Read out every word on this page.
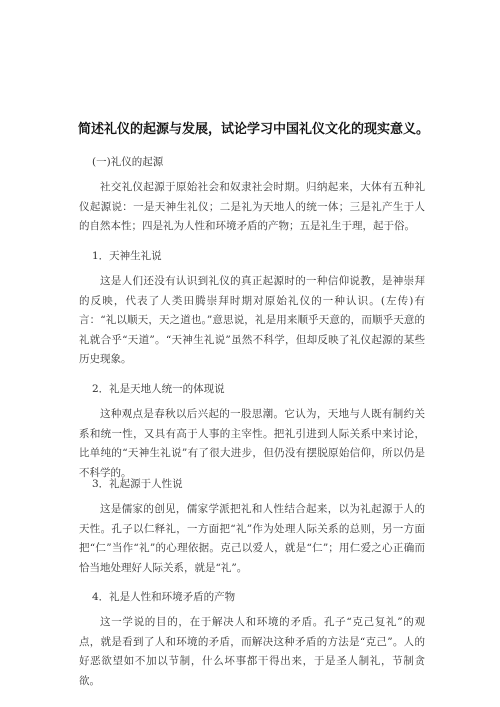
简述礼仪的起源与发展，试论学习中国礼仪文化的现实意义。
(一)礼仪的起源

社交礼仪起源于原始社会和奴隶社会时期。归纳起来，大体有五种礼仪起源说：一是天神生礼仪；二是礼为天地人的统一体；三是礼产生于人的自然本性；四是礼为人性和环境矛盾的产物；五是礼生于理，起于俗。

1．天神生礼说

这是人们还没有认识到礼仪的真正起源时的一种信仰说教，是神崇拜的反映，代表了人类田腾崇拜时期对原始礼仪的一种认识。(左传)有言：“礼以顺天，天之道也。”意思说，礼是用来顺乎天意的，而顺乎天意的礼就合乎“天道”。“天神生礼说”虽然不科学，但却反映了礼仪起源的某些历史现象。

2．礼是天地人统一的体现说

这种观点是春秋以后兴起的一股思潮。它认为，天地与人既有制约关系和统一性，又具有高于人事的主宰性。把礼引进到人际关系中来讨论，比单纯的“天神生礼说”有了很大进步，但仍没有摆脱原始信仰，所以仍是不科学的。

3．礼起源于人性说

这是儒家的创见，儒家学派把礼和人性结合起来，以为礼起源于人的天性。孔子以仁释礼，一方面把“礼”作为处理人际关系的总则，另一方面把“仁”当作“礼”的心理依据。克己以爱人，就是“仁”；用仁爱之心正确而恰当地处理好人际关系，就是“礼”。

4．礼是人性和环境矛盾的产物

这一学说的目的，在于解决人和环境的矛盾。孔子“克己复礼”的观点，就是看到了人和环境的矛盾，而解决这种矛盾的方法是“克己”。人的好恶欲望如不加以节制，什么坏事都干得出来，于是圣人制礼，节制贪欲。
